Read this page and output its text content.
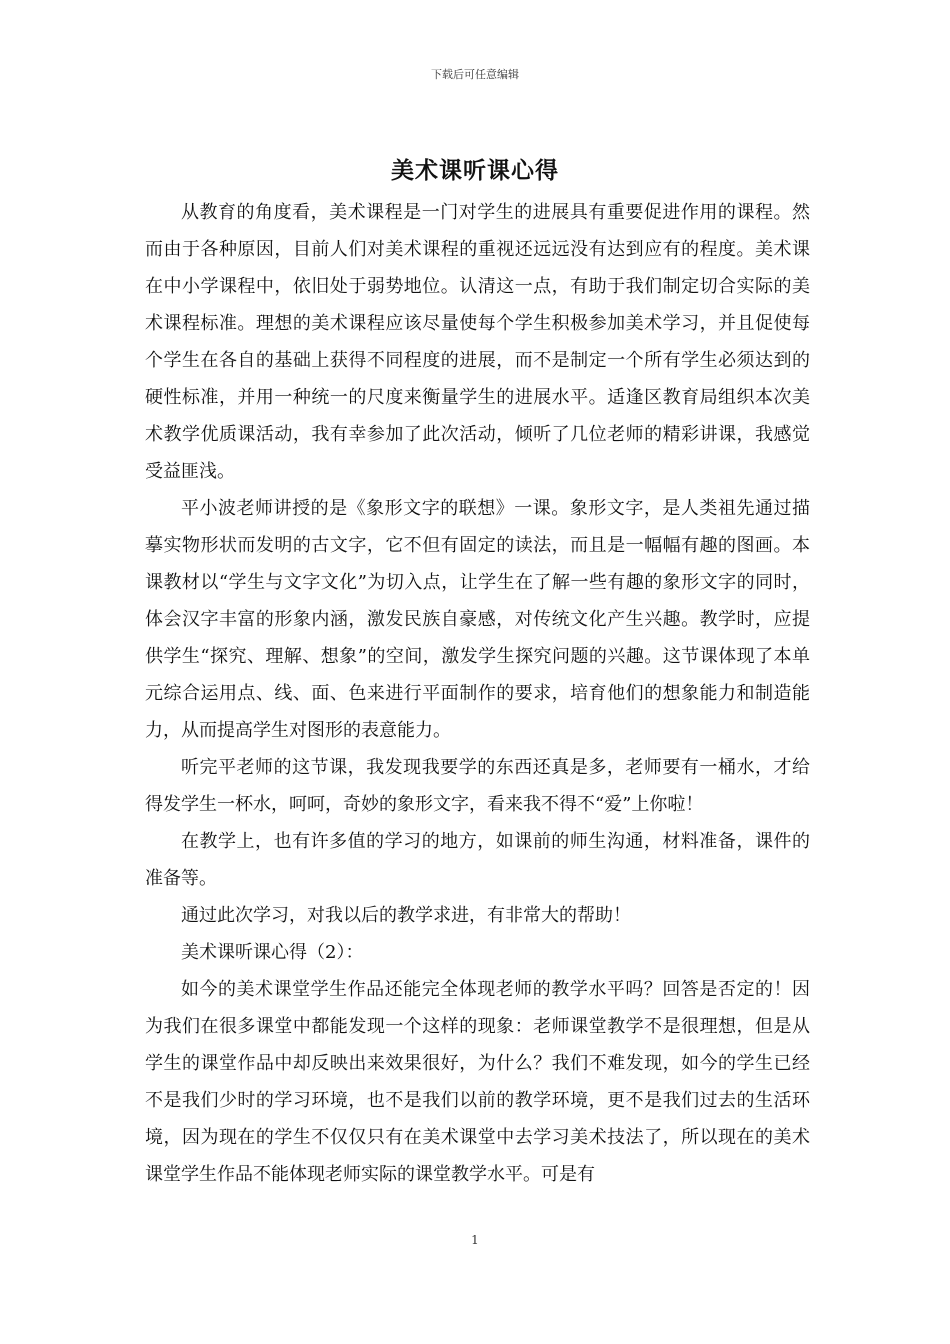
下载后可任意编辑
美术课听课心得

从教育的角度看，美术课程是一门对学生的进展具有重要促进作用的课程。然而由于各种原因，目前人们对美术课程的重视还远远没有达到应有的程度。美术课在中小学课程中，依旧处于弱势地位。认清这一点，有助于我们制定切合实际的美术课程标准。理想的美术课程应该尽量使每个学生积极参加美术学习，并且促使每个学生在各自的基础上获得不同程度的进展，而不是制定一个所有学生必须达到的硬性标准，并用一种统一的尺度来衡量学生的进展水平。适逢区教育局组织本次美术教学优质课活动，我有幸参加了此次活动，倾听了几位老师的精彩讲课，我感觉受益匪浅。

平小波老师讲授的是《象形文字的联想》一课。象形文字，是人类祖先通过描摹实物形状而发明的古文字，它不但有固定的读法，而且是一幅幅有趣的图画。本课教材以“学生与文字文化”为切入点，让学生在了解一些有趣的象形文字的同时，体会汉字丰富的形象内涵，激发民族自豪感，对传统文化产生兴趣。教学时，应提供学生“探究、理解、想象”的空间，激发学生探究问题的兴趣。这节课体现了本单元综合运用点、线、面、色来进行平面制作的要求，培育他们的想象能力和制造能力，从而提高学生对图形的表意能力。

听完平老师的这节课，我发现我要学的东西还真是多，老师要有一桶水，才给得发学生一杯水，呵呵，奇妙的象形文字，看来我不得不“爱”上你啦！

在教学上，也有许多值的学习的地方，如课前的师生沟通，材料准备，课件的准备等。

通过此次学习，对我以后的教学求进，有非常大的帮助！

美术课听课心得（2）：

如今的美术课堂学生作品还能完全体现老师的教学水平吗？回答是否定的！因为我们在很多课堂中都能发现一个这样的现象：老师课堂教学不是很理想，但是从学生的课堂作品中却反映出来效果很好，为什么？我们不难发现，如今的学生已经不是我们少时的学习环境，也不是我们以前的教学环境，更不是我们过去的生活环境，因为现在的学生不仅仅只有在美术课堂中去学习美术技法了，所以现在的美术课堂学生作品不能体现老师实际的课堂教学水平。可是有

1
